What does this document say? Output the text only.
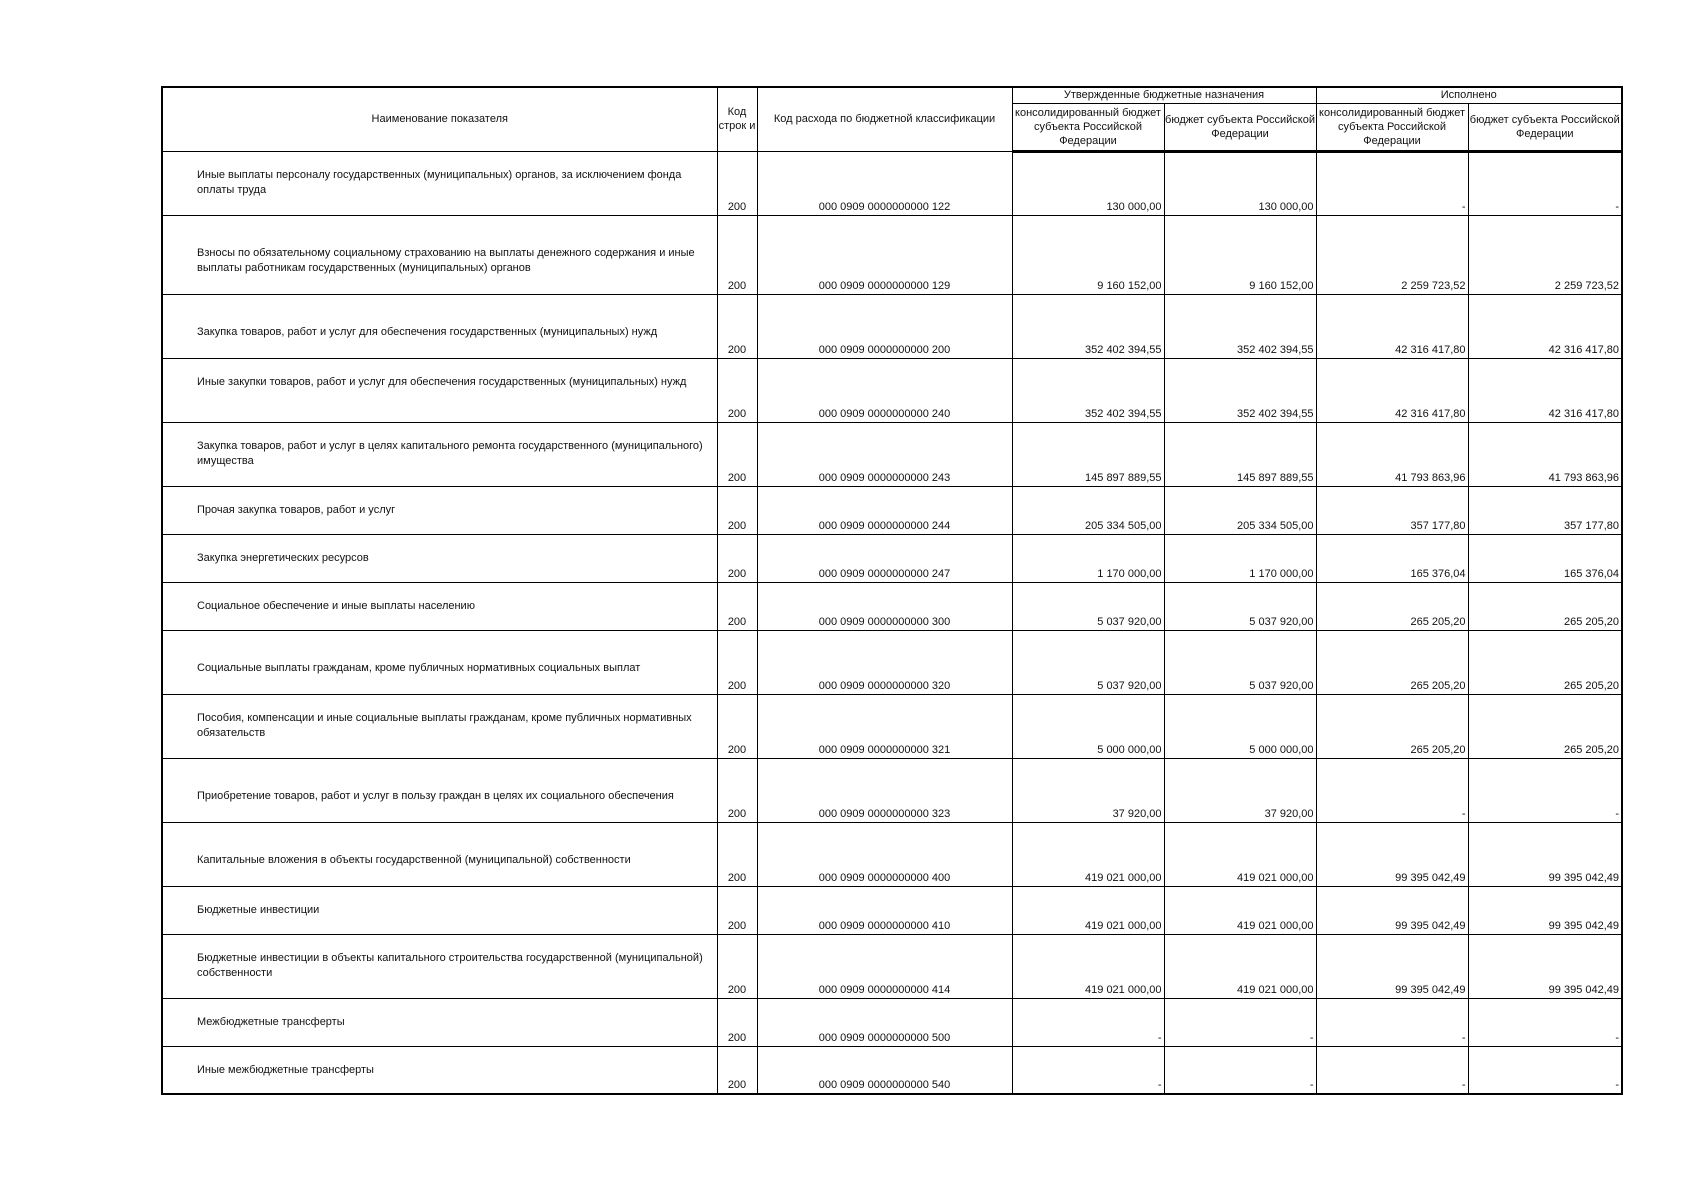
Наименование показателя	Код строк и	Код расхода по бюджетной классификации	Утвержденные бюджетные назначения		Исполнено	
			консолидированный бюджет субъекта Российской Федерации	бюджет субъекта Российской Федерации	консолидированный бюджет субъекта Российской Федерации	бюджет субъекта Российской Федерации
Иные выплаты персоналу государственных (муниципальных) органов, за исключением фонда оплаты труда	200	000 0909 0000000000 122	130 000,00	130 000,00	-	-
Взносы по обязательному социальному страхованию на выплаты денежного содержания и иные выплаты работникам государственных (муниципальных) органов	200	000 0909 0000000000 129	9 160 152,00	9 160 152,00	2 259 723,52	2 259 723,52
Закупка товаров, работ и услуг для обеспечения государственных (муниципальных) нужд	200	000 0909 0000000000 200	352 402 394,55	352 402 394,55	42 316 417,80	42 316 417,80
Иные закупки товаров, работ и услуг для обеспечения государственных (муниципальных) нужд	200	000 0909 0000000000 240	352 402 394,55	352 402 394,55	42 316 417,80	42 316 417,80
Закупка товаров, работ и услуг в целях капитального ремонта государственного (муниципального) имущества	200	000 0909 0000000000 243	145 897 889,55	145 897 889,55	41 793 863,96	41 793 863,96
Прочая закупка товаров, работ и услуг	200	000 0909 0000000000 244	205 334 505,00	205 334 505,00	357 177,80	357 177,80
Закупка энергетических ресурсов	200	000 0909 0000000000 247	1 170 000,00	1 170 000,00	165 376,04	165 376,04
Социальное обеспечение и иные выплаты населению	200	000 0909 0000000000 300	5 037 920,00	5 037 920,00	265 205,20	265 205,20
Социальные выплаты гражданам, кроме публичных нормативных социальных выплат	200	000 0909 0000000000 320	5 037 920,00	5 037 920,00	265 205,20	265 205,20
Пособия, компенсации и иные социальные выплаты гражданам, кроме публичных нормативных обязательств	200	000 0909 0000000000 321	5 000 000,00	5 000 000,00	265 205,20	265 205,20
Приобретение товаров, работ и услуг в пользу граждан в целях их социального обеспечения	200	000 0909 0000000000 323	37 920,00	37 920,00	-	-
Капитальные вложения в объекты государственной (муниципальной) собственности	200	000 0909 0000000000 400	419 021 000,00	419 021 000,00	99 395 042,49	99 395 042,49
Бюджетные инвестиции	200	000 0909 0000000000 410	419 021 000,00	419 021 000,00	99 395 042,49	99 395 042,49
Бюджетные инвестиции в объекты капитального строительства государственной (муниципальной) собственности	200	000 0909 0000000000 414	419 021 000,00	419 021 000,00	99 395 042,49	99 395 042,49
Межбюджетные трансферты	200	000 0909 0000000000 500	-	-	-	-
Иные межбюджетные трансферты	200	000 0909 0000000000 540	-	-	-	-
